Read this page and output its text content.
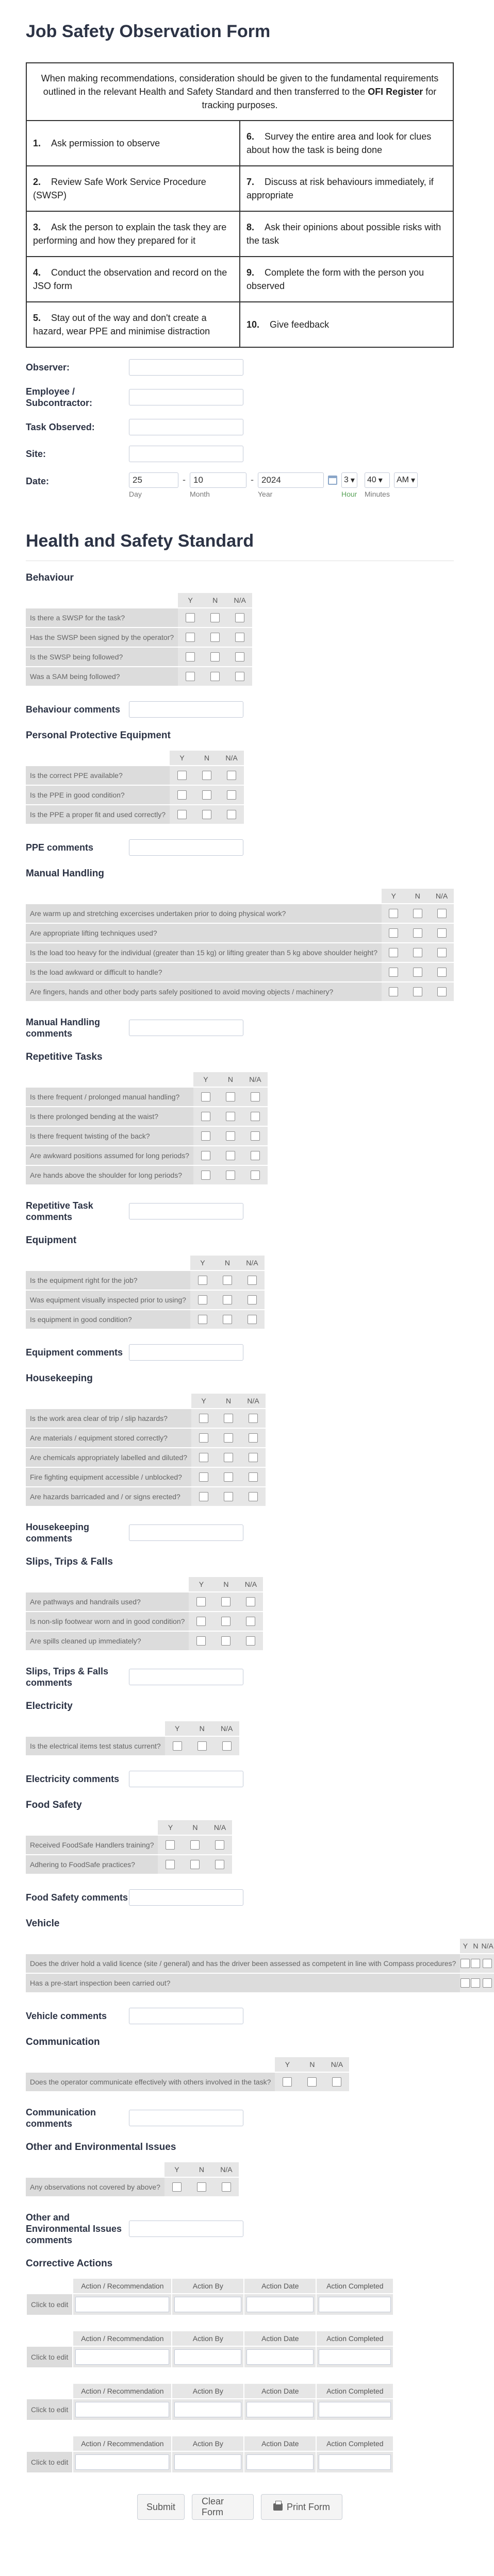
Job Safety Observation Form
When making recommendations, consideration should be given to the fundamental requirements outlined in the relevant Health and Safety Standard and then transferred to the OFI Register for tracking purposes.	
1. Ask permission to observe	6. Survey the entire area and look for clues about how the task is being done
2. Review Safe Work Service Procedure (SWSP)	7. Discuss at risk behaviours immediately, if appropriate
3. Ask the person to explain the task they are performing and how they prepared for it	8. Ask their opinions about possible risks with the task
4. Conduct the observation and record on the JSO form	9. Complete the form with the person you observed
5. Stay out of the way and don't create a hazard, wear PPE and minimise distraction	10. Give feedback
Observer:
Employee / Subcontractor:
Task Observed:
Site:
Date:	25
Day
- 10
Month
- 2024
Year
3 ▾
Hour
40 ▾
Minutes
AM ▾
Health and Safety Standard
Behaviour
	Y	N	N/A
Is there a SWSP for the task?			
Has the SWSP been signed by the operator?			
Is the SWSP being followed?			
Was a SAM being followed?			
Behaviour comments
Personal Protective Equipment
	Y	N	N/A
Is the correct PPE available?			
Is the PPE in good condition?			
Is the PPE a proper fit and used correctly?			
PPE comments
Manual Handling
	Y	N	N/A
Are warm up and stretching excercises undertaken prior to doing physical work?			
Are appropriate lifting techniques used?			
Is the load too heavy for the individual (greater than 15 kg) or lifting greater than 5 kg above shoulder height?			
Is the load awkward or difficult to handle?			
Are fingers, hands and other body parts safely positioned to avoid moving objects / machinery?			
Manual Handling comments
Repetitive Tasks
	Y	N	N/A
Is there frequent / prolonged manual handling?			
Is there prolonged bending at the waist?			
Is there frequent twisting of the back?			
Are awkward positions assumed for long periods?			
Are hands above the shoulder for long periods?			
Repetitive Task comments
Equipment
	Y	N	N/A
Is the equipment right for the job?			
Was equipment visually inspected prior to using?			
Is equipment in good condition?			
Equipment comments
Housekeeping
	Y	N	N/A
Is the work area clear of trip / slip hazards?			
Are materials / equipment stored correctly?			
Are chemicals appropriately labelled and diluted?			
Fire fighting equipment accessible / unblocked?			
Are hazards barricaded and / or signs erected?			
Housekeeping comments
Slips, Trips & Falls
	Y	N	N/A
Are pathways and handrails used?			
Is non-slip footwear worn and in good condition?			
Are spills cleaned up immediately?			
Slips, Trips & Falls comments
Electricity
	Y	N	N/A
Is the electrical items test status current?			
Electricity comments
Food Safety
	Y	N	N/A
Received FoodSafe Handlers training?			
Adhering to FoodSafe practices?			
Food Safety comments
Vehicle
	Y	N	N/A
Does the driver hold a valid licence (site / general) and has the driver been assessed as competent in line with Compass procedures?			
Has a pre-start inspection been carried out?			
Vehicle comments
Communication
	Y	N	N/A
Does the operator communicate effectively with others involved in the task?			
Communication comments
Other and Environmental Issues
	Y	N	N/A
Any observations not covered by above?			
Other and Environmental Issues comments
Corrective Actions
	Action / Recommendation	Action By	Action Date	Action Completed
Click to edit	

	Action / Recommendation	Action By	Action Date	Action Completed
Click to edit	

	Action / Recommendation	Action By	Action Date	Action Completed
Click to edit	

	Action / Recommendation	Action By	Action Date	Action Completed
Click to edit	

Submit
Clear Form
Print Form
